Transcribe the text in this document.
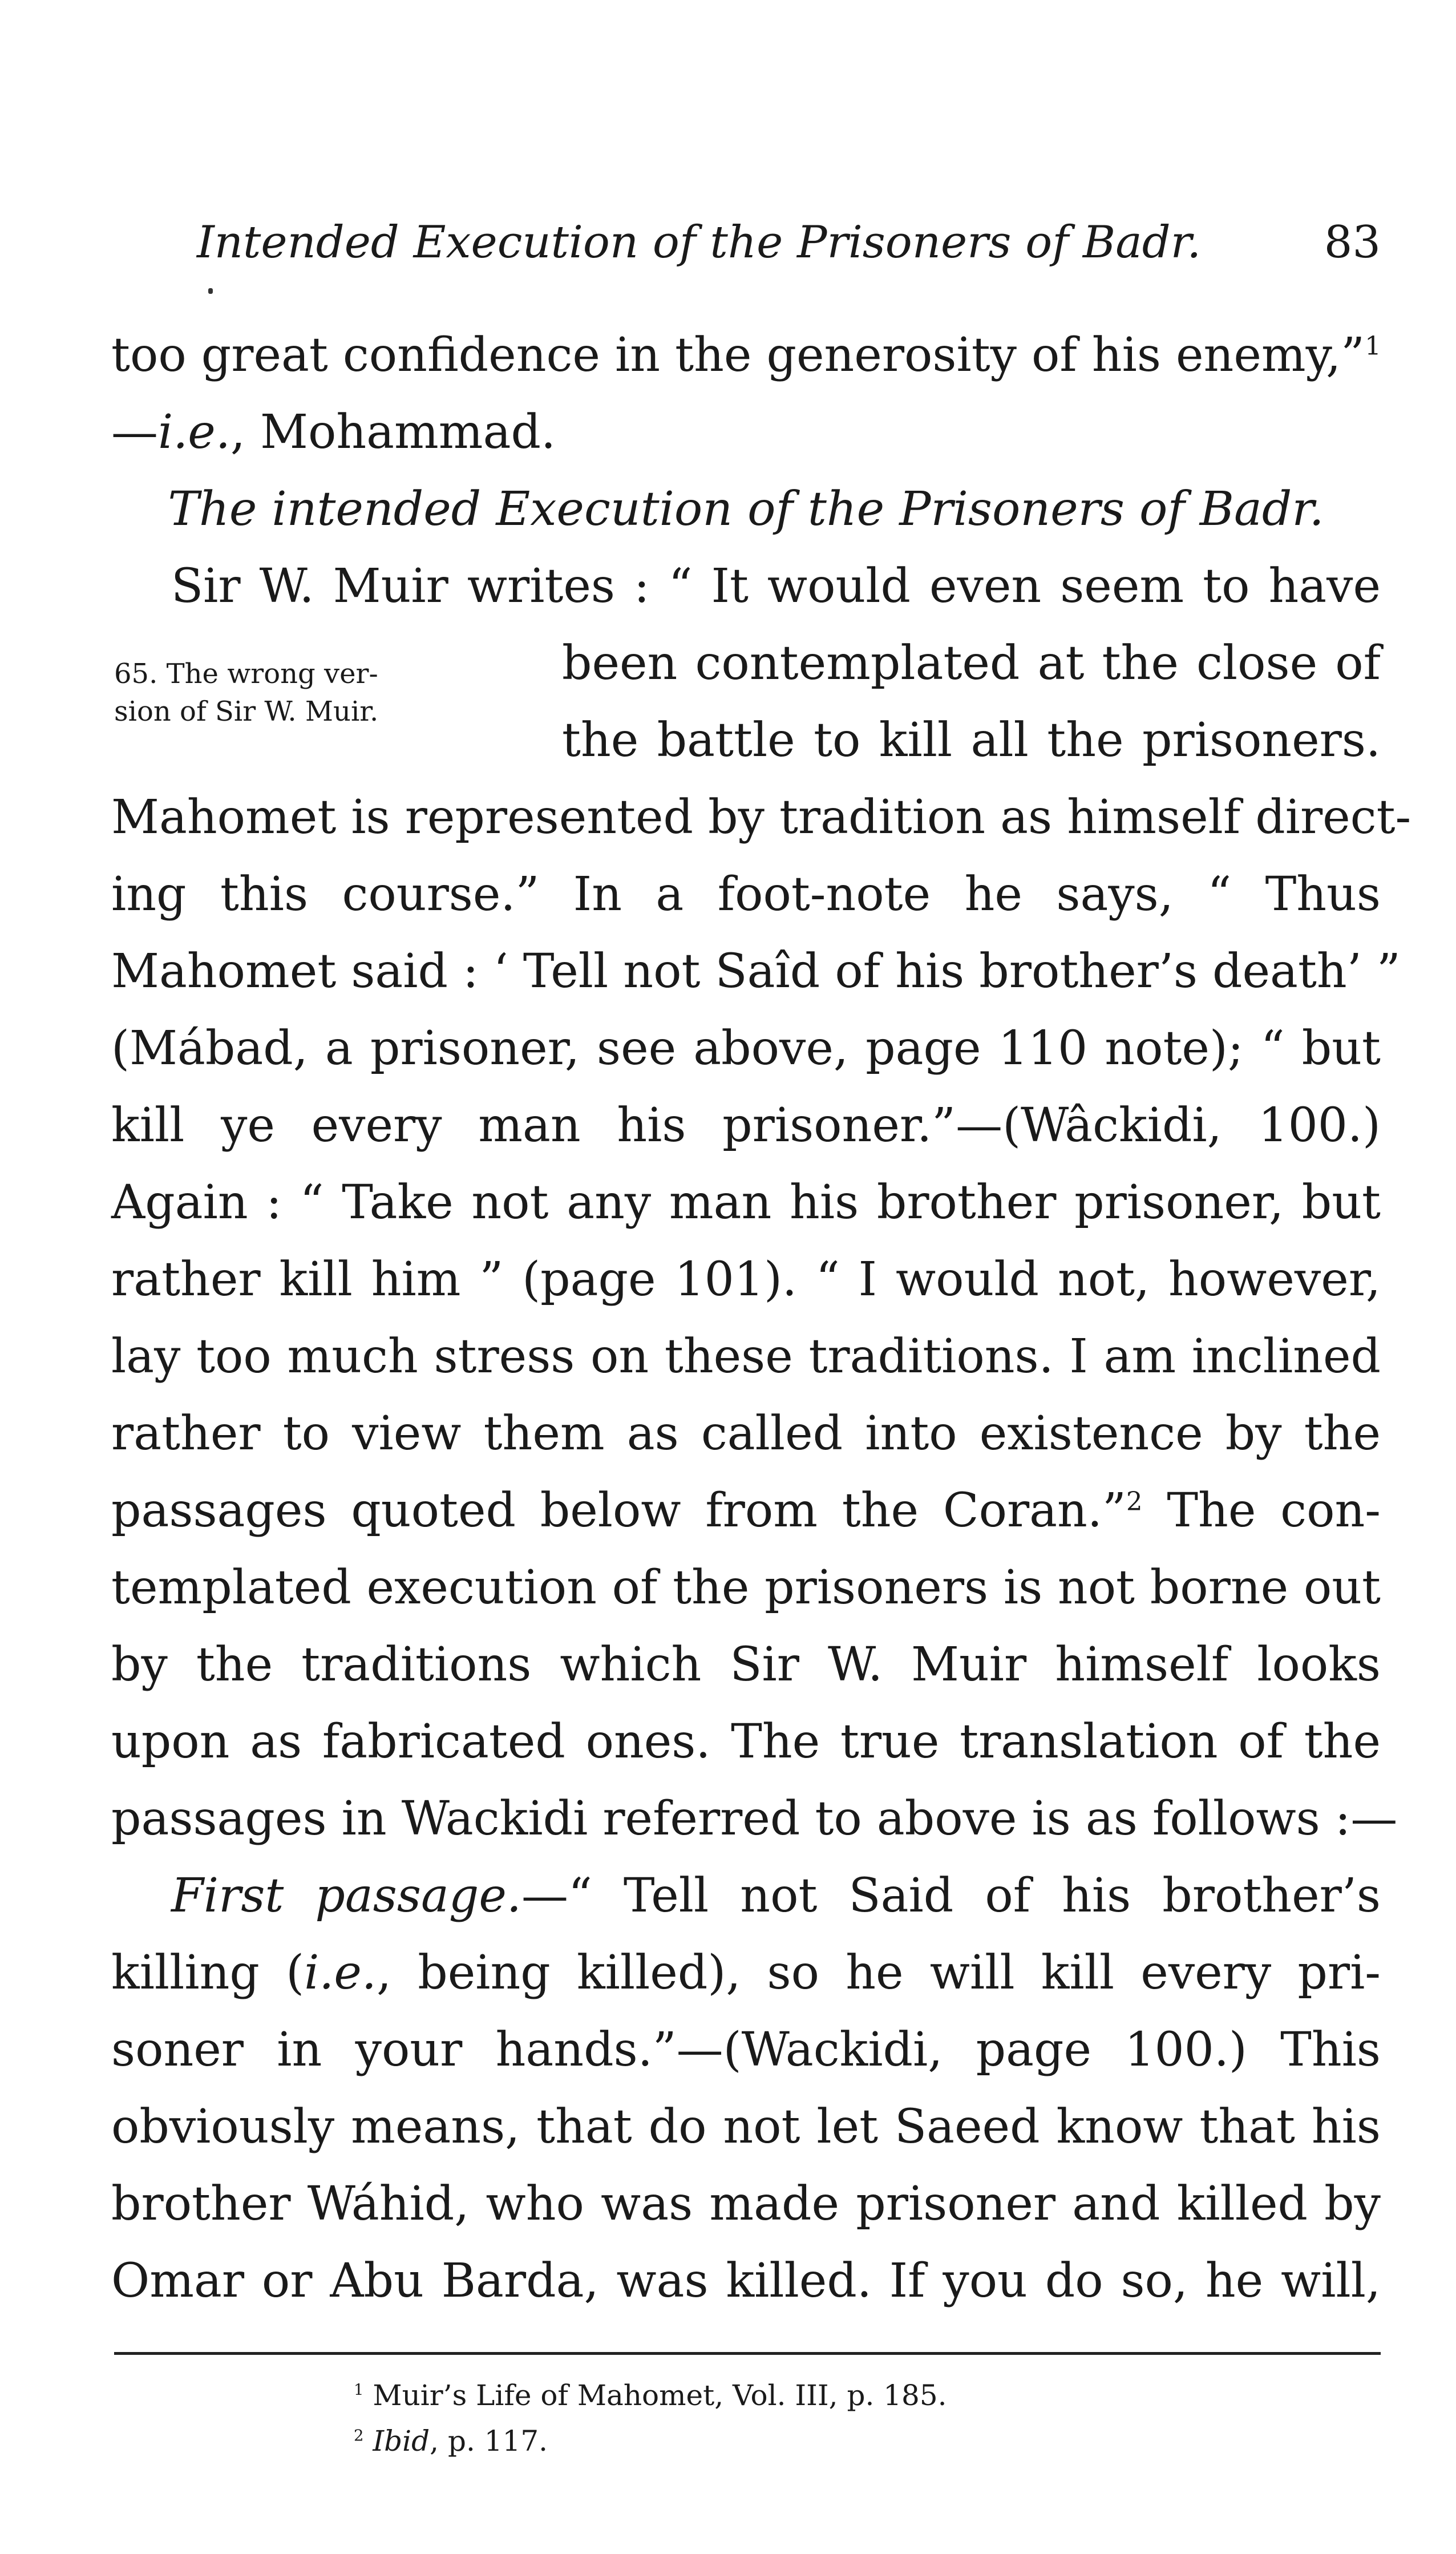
Intended Execution of the Prisoners of Badr.	83
too great confidence in the generosity of his enemy,”$^1$
—i.e., Mohammad.
The intended Execution of the Prisoners of Badr.
Sir W. Muir writes : “ It would even seem to have
65. The wrong ver-
sion of Sir W. Muir.
been contemplated at the close of
the battle to kill all the prisoners.
Mahomet is represented by tradition as himself direct-
ing this course.” In a foot-note he says, “ Thus
Mahomet said : ‘ Tell not Saîd of his brother’s death’ ”
(Mábad, a prisoner, see above, page 110 note); “ but
kill ye every man his prisoner.”—(Wâckidi, 100.)
Again : “ Take not any man his brother prisoner, but
rather kill him ” (page 101). “ I would not, however,
lay too much stress on these traditions. I am inclined
rather to view them as called into existence by the
passages quoted below from the Coran.”$^2$ The con-
templated execution of the prisoners is not borne out
by the traditions which Sir W. Muir himself looks
upon as fabricated ones. The true translation of the
passages in Wackidi referred to above is as follows :—
First passage.—“ Tell not Said of his brother’s
killing (i.e., being killed), so he will kill every pri-
soner in your hands.”—(Wackidi, page 100.) This
obviously means, that do not let Saeed know that his
brother Wáhid, who was made prisoner and killed by
Omar or Abu Barda, was killed. If you do so, he will,
$^1$ Muir’s Life of Mahomet, Vol. III, p. 185.
$^2$ Ibid, p. 117.
